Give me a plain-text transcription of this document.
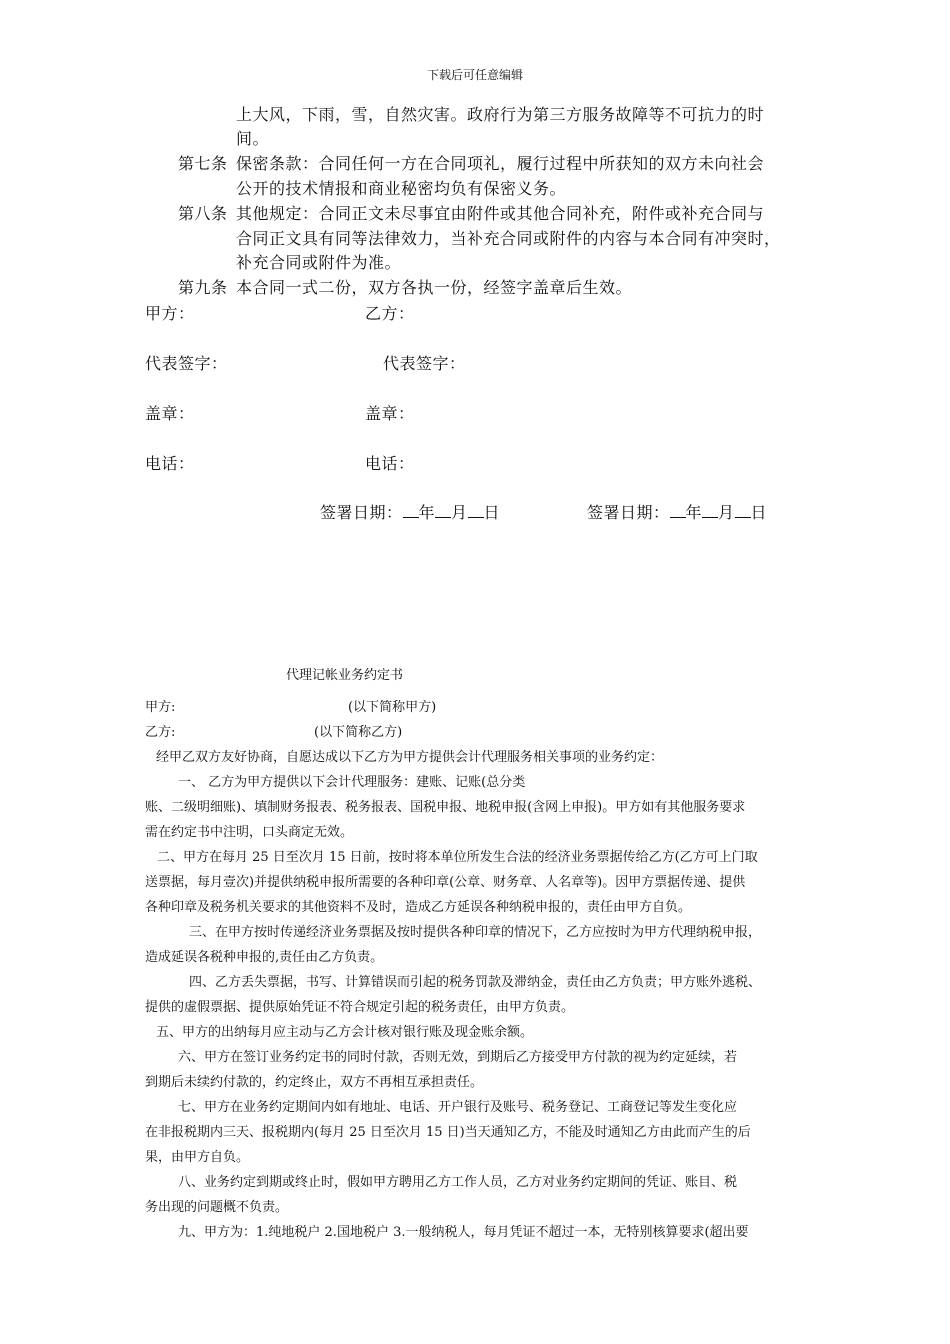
下载后可任意编辑
上大风，下雨，雪，自然灾害。政府行为第三方服务故障等不可抗力的时
间。
第七条 保密条款：合同任何一方在合同项礼，履行过程中所获知的双方未向社会
公开的技术情报和商业秘密均负有保密义务。
第八条 其他规定：合同正文未尽事宜由附件或其他合同补充，附件或补充合同与
合同正文具有同等法律效力，当补充合同或附件的内容与本合同有冲突时，
补充合同或附件为准。
第九条 本合同一式二份，双方各执一份，经签字盖章后生效。
甲方：	乙方：
代表签字：	代表签字：
盖章：	盖章：
电话：	电话：
签署日期： 年 月 日	签署日期： 年 月 日
代理记帐业务约定书
甲方:	(以下简称甲方)
乙方:	(以下简称乙方)
经甲乙双方友好协商，自愿达成以下乙方为甲方提供会计代理服务相关事项的业务约定：
一、 乙方为甲方提供以下会计代理服务：建账、记账(总分类
账、二级明细账)、填制财务报表、税务报表、国税申报、地税申报(含网上申报)。甲方如有其他服务要求
需在约定书中注明，口头商定无效。
二、甲方在每月 25 日至次月 15 日前，按时将本单位所发生合法的经济业务票据传给乙方(乙方可上门取
送票据，每月壹次)并提供纳税申报所需要的各种印章(公章、财务章、人名章等)。因甲方票据传递、提供
各种印章及税务机关要求的其他资料不及时，造成乙方延误各种纳税申报的，责任由甲方自负。
三、在甲方按时传递经济业务票据及按时提供各种印章的情况下，乙方应按时为甲方代理纳税申报，
造成延误各税种申报的,责任由乙方负责。
四、乙方丢失票据，书写、计算错误而引起的税务罚款及滞纳金，责任由乙方负责；甲方账外逃税、
提供的虚假票据、提供原始凭证不符合规定引起的税务责任，由甲方负责。
五、甲方的出纳每月应主动与乙方会计核对银行账及现金账余额。
六、甲方在签订业务约定书的同时付款，否则无效，到期后乙方接受甲方付款的视为约定延续，若
到期后未续约付款的，约定终止，双方不再相互承担责任。
七、甲方在业务约定期间内如有地址、电话、开户银行及账号、税务登记、工商登记等发生变化应
在非报税期内三天、报税期内(每月 25 日至次月 15 日)当天通知乙方，不能及时通知乙方由此而产生的后
果，由甲方自负。
八、业务约定到期或终止时，假如甲方聘用乙方工作人员，乙方对业务约定期间的凭证、账目、税
务出现的问题概不负责。
九、甲方为：1.纯地税户 2.国地税户 3.一般纳税人，每月凭证不超过一本，无特别核算要求(超出要
